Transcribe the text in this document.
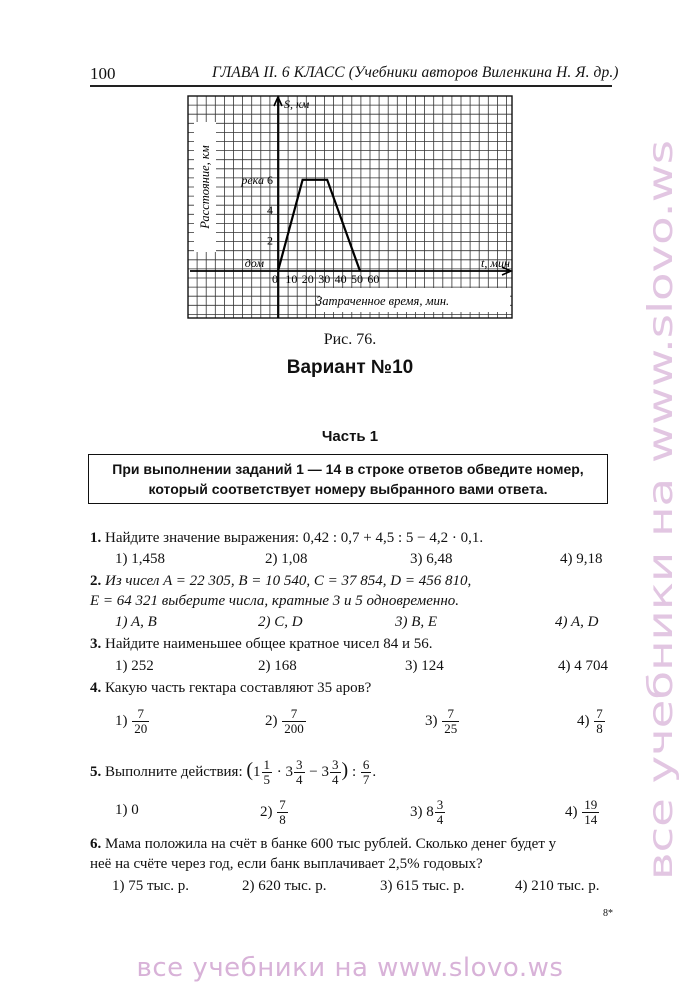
100	ГЛАВА II. 6 КЛАСС (Учебники авторов Виленкина Н. Я. др.)
0 10 20 30 40 50 60
2
4
6
S, км
t, мин
река
дом
Затраченное время, мин.
Расстояние, км
Рис. 76.
Вариант №10
Часть 1
При выполнении заданий 1 — 14 в строке ответов обведите номер,
который соответствует номеру выбранного вами ответа.
1. Найдите значение выражения: 0,42 : 0,7 + 4,5 : 5 − 4,2 · 0,1.
1) 1,458	2) 1,08	3) 6,48	4) 9,18
2. Из чисел A = 22 305, B = 10 540, C = 37 854, D = 456 810,
E = 64 321 выберите числа, кратные 3 и 5 одновременно.
1) A, B	2) C, D	3) B, E	4) A, D
3. Найдите наименьшее общее кратное чисел 84 и 56.
1) 252	2) 168	3) 124	4) 4 704
4. Какую часть гектара составляют 35 аров?
$1) \frac{7}{20}$	$2) \frac{7}{200}$	$3) \frac{7}{25}$	$4) \frac{7}{8}$
5. Выполните действия: ($1 \frac{1}{5} \cdot 3 \frac{3}{4} - 3 \frac{3}{4}$ ) : $\frac{6}{7}$ .
1) 0	$2) \frac{7}{8}$	3) $8 \frac{3}{4}$	$4) \frac{19}{14}$
6. Мама положила на счёт в банке 600 тыс рублей. Сколько денег будет у
неё на счёте через год, если банк выплачивает 2,5% годовых?
1) 75 тыс. р.	2) 620 тыс. р.	3) 615 тыс. р.	4) 210 тыс. р.
8*
все учебники на www.slovo.ws
все учебники на www.slovo.ws
